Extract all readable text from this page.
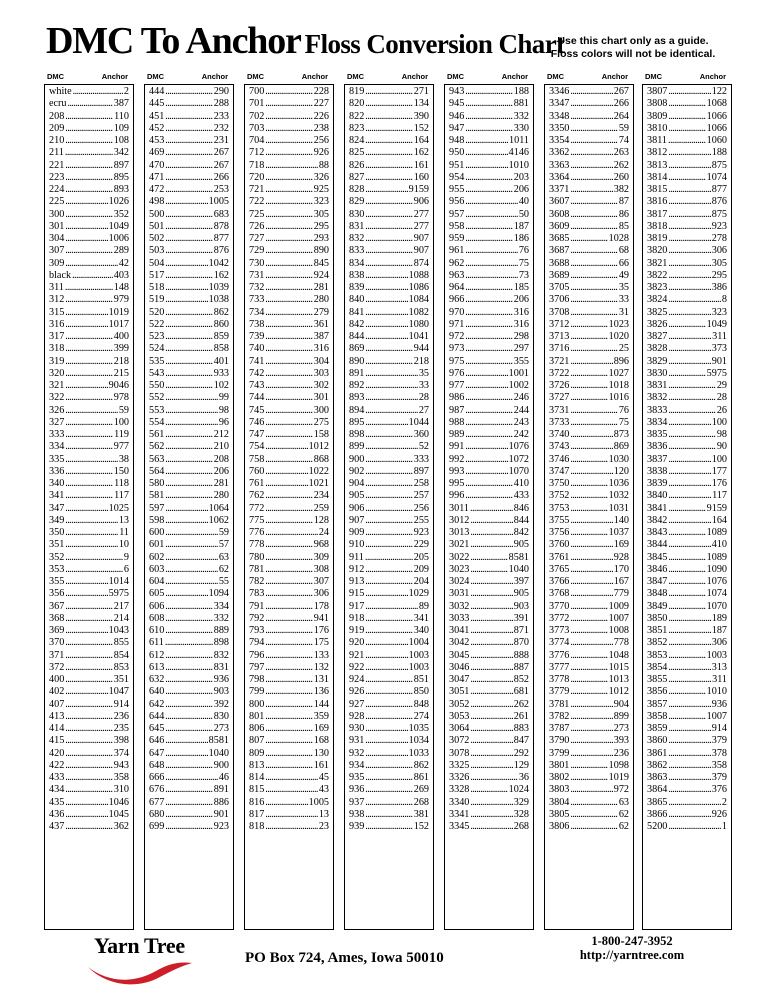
DMC To Anchor Floss Conversion Chart
Use this chart only as a guide.
Floss colors will not be identical.
DMC	Anchor
white .....	2
ecru .....	387
208 .....	110
209 .....	109
210 .....	108
211 .....	342
221 .....	897
223 .....	895
224 .....	893
225 .....	1026
300 .....	352
301 .....	1049
304 .....	1006
307 .....	289
309 .....	42
black .....	403
311 .....	148
312 .....	979
315 .....	1019
316 .....	1017
317 .....	400
318 .....	399
319 .....	218
320 .....	215
321 .....	9046
322 .....	978
326 .....	59
327 .....	100
333 .....	119
334 .....	977
335 .....	38
336 .....	150
340 .....	118
341 .....	117
347 .....	1025
349 .....	13
350 .....	11
351 .....	10
352 .....	9
353 .....	6
355 .....	1014
356 .....	5975
367 .....	217
368 .....	214
369 .....	1043
370 .....	855
371 .....	854
372 .....	853
400 .....	351
402 .....	1047
407 .....	914
413 .....	236
414 .....	235
415 .....	398
420 .....	374
422 .....	943
433 .....	358
434 .....	310
435 .....	1046
436 .....	1045
437 .....	362
DMC	Anchor
444 .....	290
445 .....	288
451 .....	233
452 .....	232
453 .....	231
469 .....	267
470 .....	267
471 .....	266
472 .....	253
498 .....	1005
500 .....	683
501 .....	878
502 .....	877
503 .....	876
504 .....	1042
517 .....	162
518 .....	1039
519 .....	1038
520 .....	862
522 .....	860
523 .....	859
524 .....	858
535 .....	401
543 .....	933
550 .....	102
552 .....	99
553 .....	98
554 .....	96
561 .....	212
562 .....	210
563 .....	208
564 .....	206
580 .....	281
581 .....	280
597 .....	1064
598 .....	1062
600 .....	59
601 .....	57
602 .....	63
603 .....	62
604 .....	55
605 .....	1094
606 .....	334
608 .....	332
610 .....	889
611 .....	898
612 .....	832
613 .....	831
632 .....	936
640 .....	903
642 .....	392
644 .....	830
645 .....	273
646 .....	8581
647 .....	1040
648 .....	900
666 .....	46
676 .....	891
677 .....	886
680 .....	901
699 .....	923
DMC	Anchor
700 .....	228
701 .....	227
702 .....	226
703 .....	238
704 .....	256
712 .....	926
718 .....	88
720 .....	326
721 .....	925
722 .....	323
725 .....	305
726 .....	295
727 .....	293
729 .....	890
730 .....	845
731 .....	924
732 .....	281
733 .....	280
734 .....	279
738 .....	361
739 .....	387
740 .....	316
741 .....	304
742 .....	303
743 .....	302
744 .....	301
745 .....	300
746 .....	275
747 .....	158
754 .....	1012
758 .....	868
760 .....	1022
761 .....	1021
762 .....	234
772 .....	259
775 .....	128
776 .....	24
778 .....	968
780 .....	309
781 .....	308
782 .....	307
783 .....	306
791 .....	178
792 .....	941
793 .....	176
794 .....	175
796 .....	133
797 .....	132
798 .....	131
799 .....	136
800 .....	144
801 .....	359
806 .....	169
807 .....	168
809 .....	130
813 .....	161
814 .....	45
815 .....	43
816 .....	1005
817 .....	13
818 .....	23
DMC	Anchor
819 .....	271
820 .....	134
822 .....	390
823 .....	152
824 .....	164
825 .....	162
826 .....	161
827 .....	160
828 .....	9159
829 .....	906
830 .....	277
831 .....	277
832 .....	907
833 .....	907
834 .....	874
838 .....	1088
839 .....	1086
840 .....	1084
841 .....	1082
842 .....	1080
844 .....	1041
869 .....	944
890 .....	218
891 .....	35
892 .....	33
893 .....	28
894 .....	27
895 .....	1044
898 .....	360
899 .....	52
900 .....	333
902 .....	897
904 .....	258
905 .....	257
906 .....	256
907 .....	255
909 .....	923
910 .....	229
911 .....	205
912 .....	209
913 .....	204
915 .....	1029
917 .....	89
918 .....	341
919 .....	340
920 .....	1004
921 .....	1003
922 .....	1003
924 .....	851
926 .....	850
927 .....	848
928 .....	274
930 .....	1035
931 .....	1034
932 .....	1033
934 .....	862
935 .....	861
936 .....	269
937 .....	268
938 .....	381
939 .....	152
DMC	Anchor
943 .....	188
945 .....	881
946 .....	332
947 .....	330
948 .....	1011
950 .....	4146
951 .....	1010
954 .....	203
955 .....	206
956 .....	40
957 .....	50
958 .....	187
959 .....	186
961 .....	76
962 .....	75
963 .....	73
964 .....	185
966 .....	206
970 .....	316
971 .....	316
972 .....	298
973 .....	297
975 .....	355
976 .....	1001
977 .....	1002
986 .....	246
987 .....	244
988 .....	243
989 .....	242
991 .....	1076
992 .....	1072
993 .....	1070
995 .....	410
996 .....	433
3011 .....	846
3012 .....	844
3013 .....	842
3021 .....	905
3022 .....	8581
3023 .....	1040
3024 .....	397
3031 .....	905
3032 .....	903
3033 .....	391
3041 .....	871
3042 .....	870
3045 .....	888
3046 .....	887
3047 .....	852
3051 .....	681
3052 .....	262
3053 .....	261
3064 .....	883
3072 .....	847
3078 .....	292
3325 .....	129
3326 .....	36
3328 .....	1024
3340 .....	329
3341 .....	328
3345 .....	268
DMC	Anchor
3346 .....	267
3347 .....	266
3348 .....	264
3350 .....	59
3354 .....	74
3362 .....	263
3363 .....	262
3364 .....	260
3371 .....	382
3607 .....	87
3608 .....	86
3609 .....	85
3685 .....	1028
3687 .....	68
3688 .....	66
3689 .....	49
3705 .....	35
3706 .....	33
3708 .....	31
3712 .....	1023
3713 .....	1020
3716 .....	25
3721 .....	896
3722 .....	1027
3726 .....	1018
3727 .....	1016
3731 .....	76
3733 .....	75
3740 .....	873
3743 .....	869
3746 .....	1030
3747 .....	120
3750 .....	1036
3752 .....	1032
3753 .....	1031
3755 .....	140
3756 .....	1037
3760 .....	169
3761 .....	928
3765 .....	170
3766 .....	167
3768 .....	779
3770 .....	1009
3772 .....	1007
3773 .....	1008
3774 .....	778
3776 .....	1048
3777 .....	1015
3778 .....	1013
3779 .....	1012
3781 .....	904
3782 .....	899
3787 .....	273
3790 .....	393
3799 .....	236
3801 .....	1098
3802 .....	1019
3803 .....	972
3804 .....	63
3805 .....	62
3806 .....	62
DMC	Anchor
3807 .....	122
3808 .....	1068
3809 .....	1066
3810 .....	1066
3811 .....	1060
3812 .....	188
3813 .....	875
3814 .....	1074
3815 .....	877
3816 .....	876
3817 .....	875
3818 .....	923
3819 .....	278
3820 .....	306
3821 .....	305
3822 .....	295
3823 .....	386
3824 .....	8
3825 .....	323
3826 .....	1049
3827 .....	311
3828 .....	373
3829 .....	901
3830 .....	5975
3831 .....	29
3832 .....	28
3833 .....	26
3834 .....	100
3835 .....	98
3836 .....	90
3837 .....	100
3838 .....	177
3839 .....	176
3840 .....	117
3841 .....	9159
3842 .....	164
3843 .....	1089
3844 .....	410
3845 .....	1089
3846 .....	1090
3847 .....	1076
3848 .....	1074
3849 .....	1070
3850 .....	189
3851 .....	187
3852 .....	306
3853 .....	1003
3854 .....	313
3855 .....	311
3856 .....	1010
3857 .....	936
3858 .....	1007
3859 .....	914
3860 .....	379
3861 .....	378
3862 .....	358
3863 .....	379
3864 .....	376
3865 .....	2
3866 .....	926
5200 .....	1
Yarn Tree	PO Box 724, Ames, Iowa 50010
1-800-247-3952
http://yarntree.com
